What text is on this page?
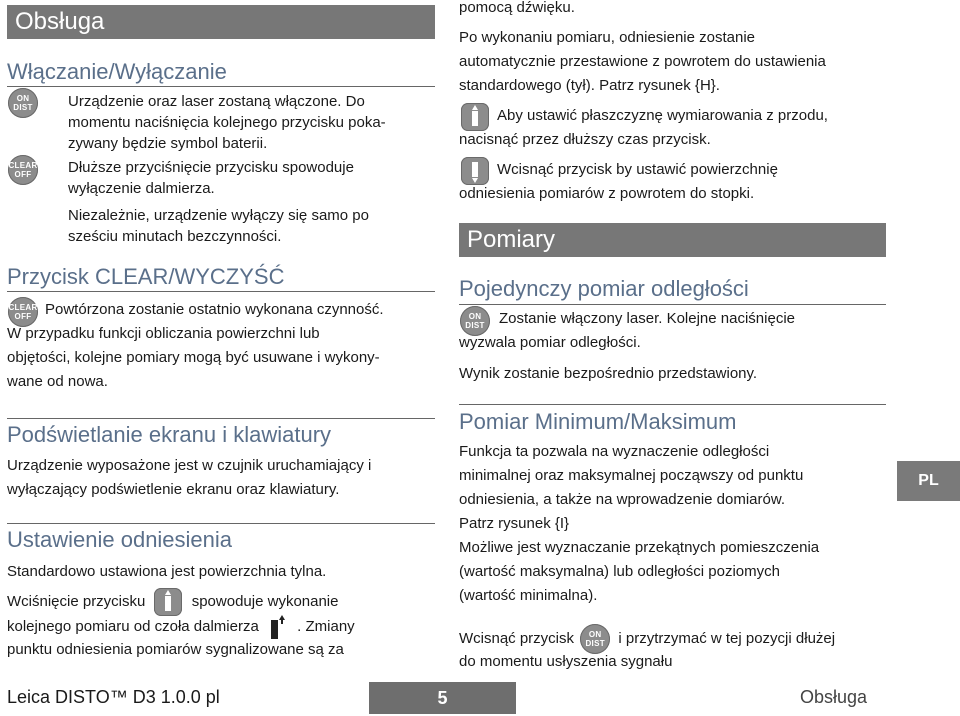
Obsługa
Włączanie/Wyłączanie
ON
DIST Urządzenie oraz laser zostaną włączone. Do
momentu naciśnięcia kolejnego przycisku poka-
zywany będzie symbol baterii.
CLEAR
OFF Dłuższe przyciśnięcie przycisku spowoduje
wyłączenie dalmierza.
Niezależnie, urządzenie wyłączy się samo po
sześciu minutach bezczynności.
Przycisk CLEAR/WYCZYŚĆ
CLEAR
OFF Powtórzona zostanie ostatnio wykonana czynność.
W przypadku funkcji obliczania powierzchni lub
objętości, kolejne pomiary mogą być usuwane i wykony-
wane od nowa.
Podświetlanie ekranu i klawiatury
Urządzenie wyposażone jest w czujnik uruchamiający i
wyłączający podświetlenie ekranu oraz klawiatury.
Ustawienie odniesienia
Standardowo ustawiona jest powierzchnia tylna.
Wciśnięcie przycisku	spowoduje wykonanie
kolejnego pomiaru od czoła dalmierza	. Zmiany
punktu odniesienia pomiarów sygnalizowane są za
pomocą dźwięku.
Po wykonaniu pomiaru, odniesienie zostanie
automatycznie przestawione z powrotem do ustawienia
standardowego (tył). Patrz rysunek {H}.
Aby ustawić płaszczyznę wymiarowania z przodu,
nacisnąć przez dłuższy czas przycisk.
Wcisnąć przycisk by ustawić powierzchnię
odniesienia pomiarów z powrotem do stopki.
Pomiary
Pojedynczy pomiar odległości
ON
DIST Zostanie włączony laser. Kolejne naciśnięcie
wyzwala pomiar odległości.
Wynik zostanie bezpośrednio przedstawiony.
Pomiar Minimum/Maksimum
Funkcja ta pozwala na wyznaczenie odległości
minimalnej oraz maksymalnej począwszy od punktu
odniesienia, a także na wprowadzenie domiarów.
Patrz rysunek {I}
Możliwe jest wyznaczanie przekątnych pomieszczenia
(wartość maksymalna) lub odległości poziomych
(wartość minimalna).
Wcisnąć przycisk ON
DIST i przytrzymać w tej pozycji dłużej
do momentu usłyszenia sygnału
PL
Leica DISTO™ D3 1.0.0 pl	5	Obsługa
